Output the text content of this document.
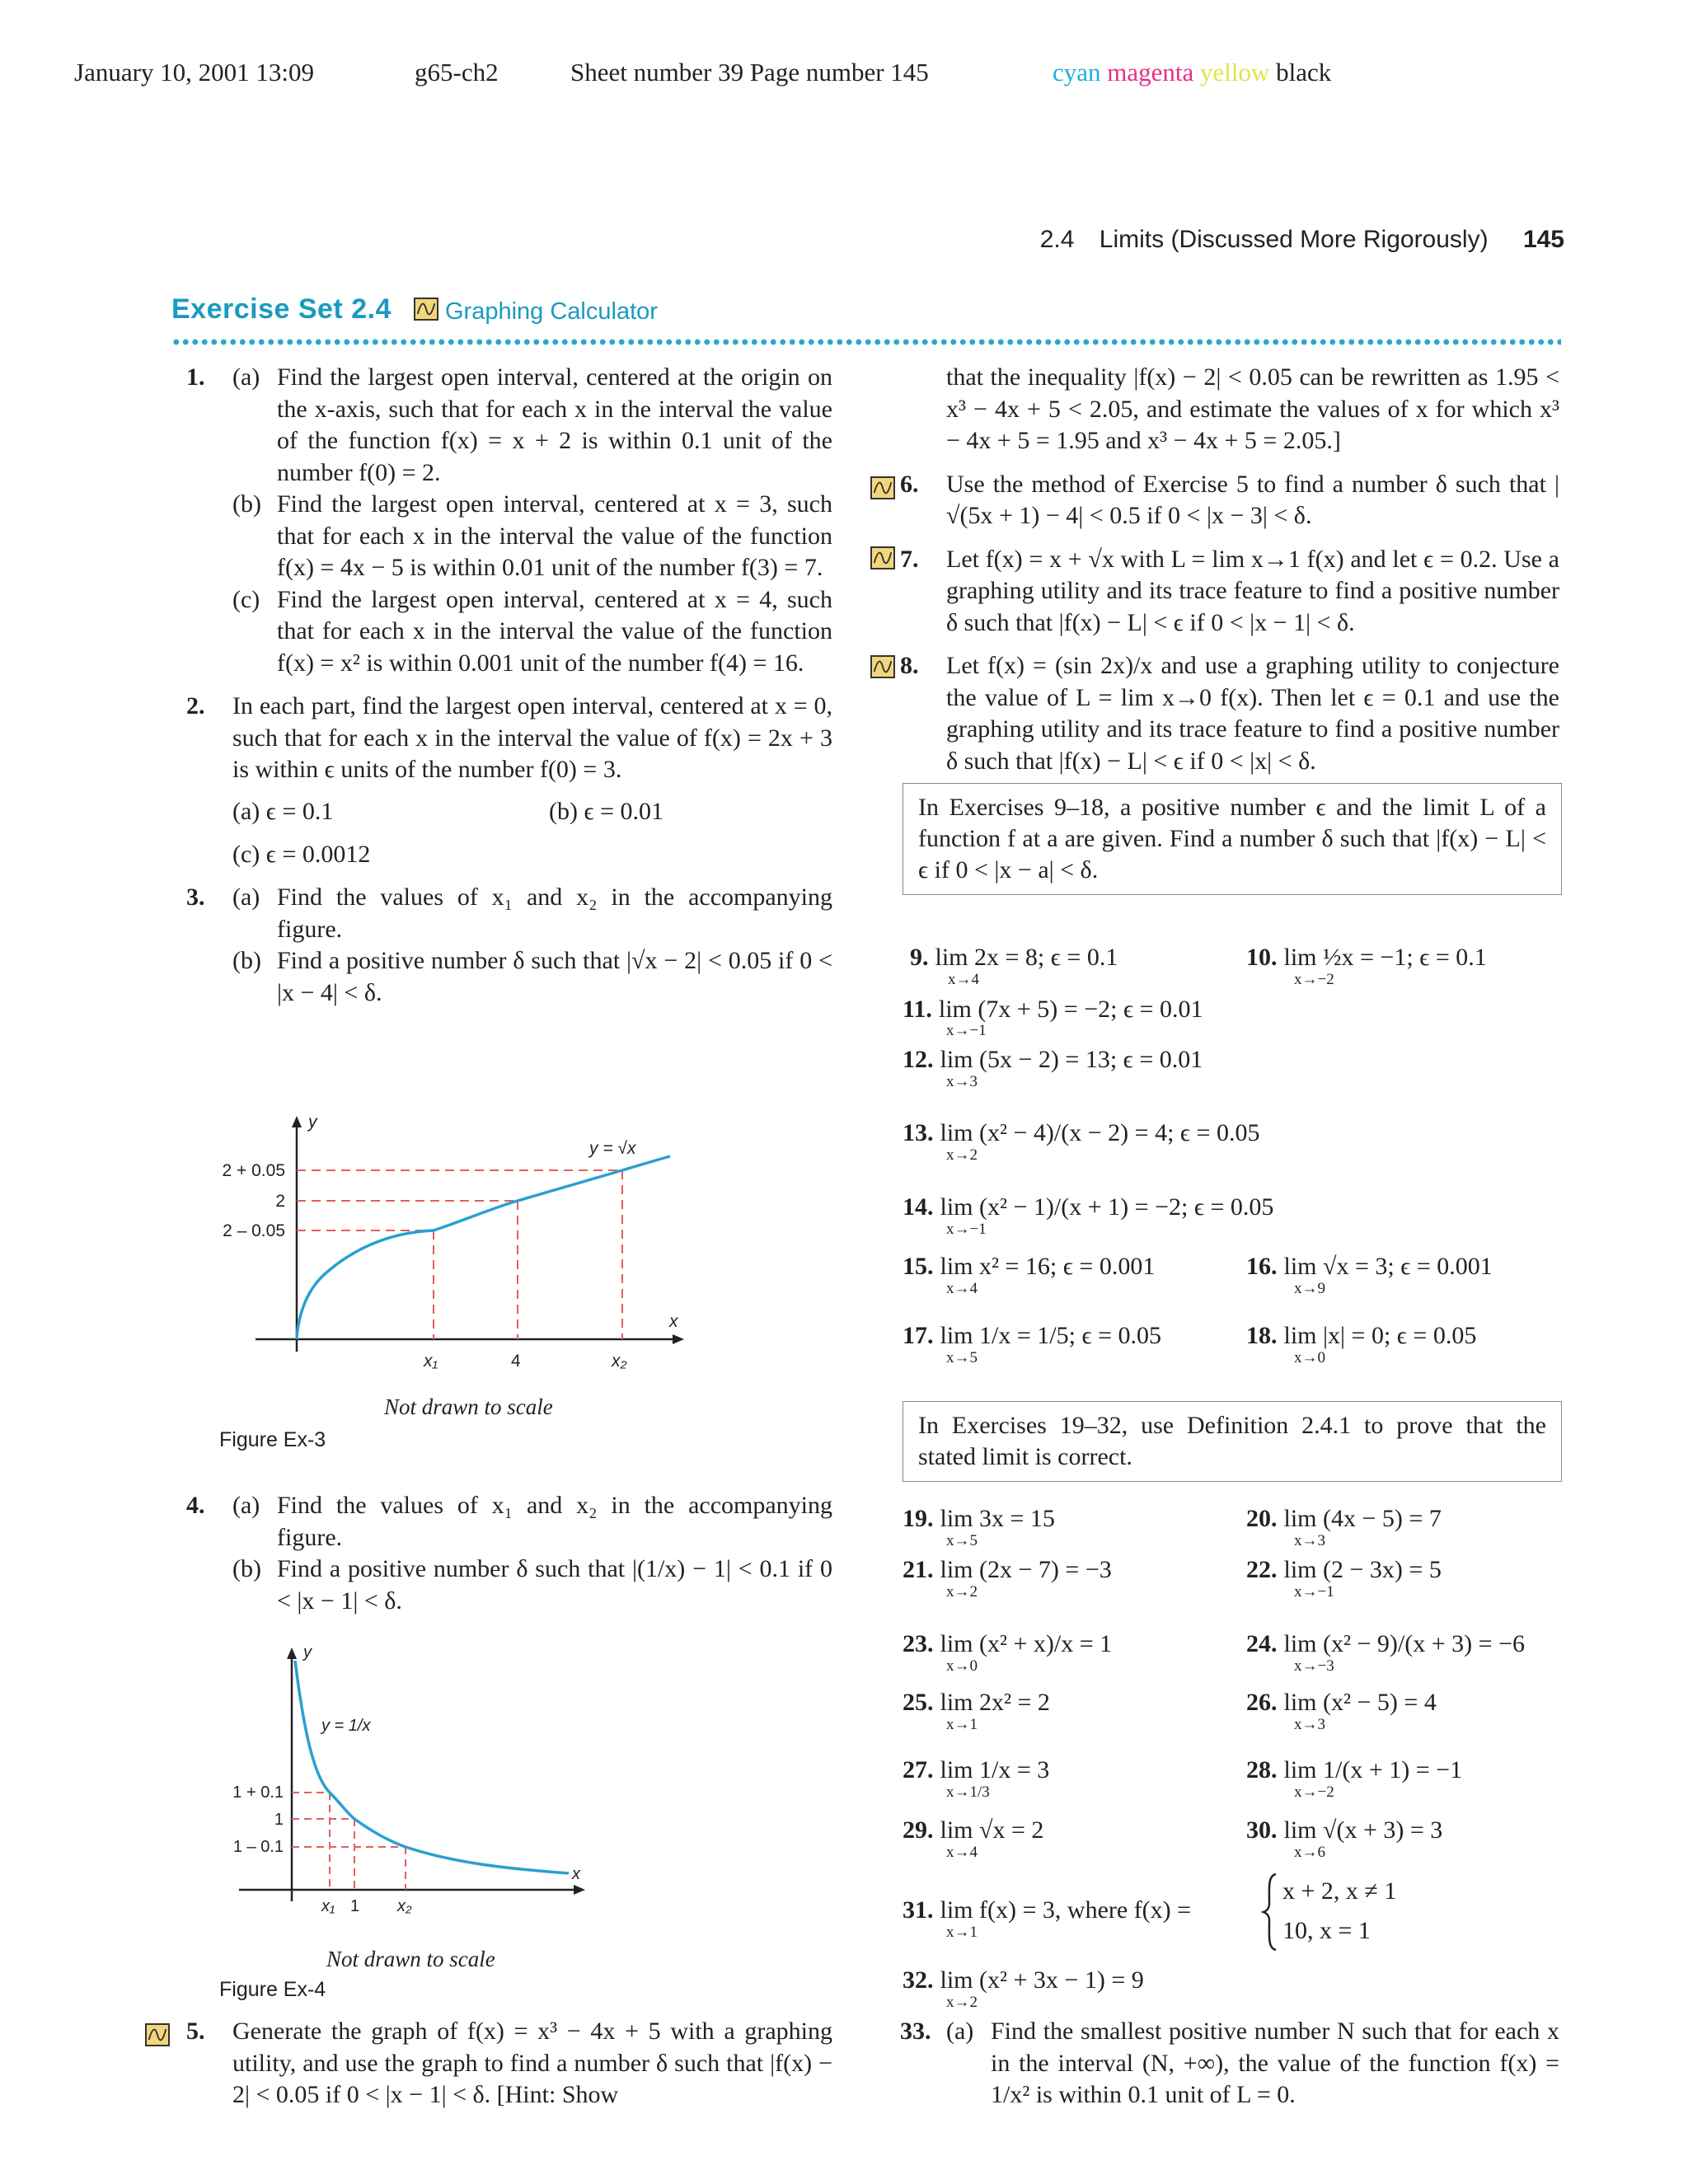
January 10, 2001 13:09	g65-ch2	Sheet number 39 Page number 145	cyan magenta yellow black
2.4 Limits (Discussed More Rigorously) 145
Exercise Set 2.4 Graphing Calculator
1. (a) Find the largest open interval, centered at the origin on the x-axis, such that for each x in the interval the value of the function f(x) = x + 2 is within 0.1 unit of the number f(0) = 2.
(b) Find the largest open interval, centered at x = 3, such that for each x in the interval the value of the function f(x) = 4x − 5 is within 0.01 unit of the number f(3) = 7.
(c) Find the largest open interval, centered at x = 4, such that for each x in the interval the value of the function f(x) = x² is within 0.001 unit of the number f(4) = 16.
2. In each part, find the largest open interval, centered at x = 0, such that for each x in the interval the value of f(x) = 2x + 3 is within ϵ units of the number f(0) = 3.
(a) ϵ = 0.1	(b) ϵ = 0.01
(c) ϵ = 0.0012
3. (a) Find the values of x₁ and x₂ in the accompanying figure.
(b) Find a positive number δ such that |√x − 2| < 0.05 if 0 < |x − 4| < δ.
y
x
y = √x
2 + 0.05
2
2 – 0.05
x₁	4	x₂
Not drawn to scale
Figure Ex-3
4. (a) Find the values of x₁ and x₂ in the accompanying figure.
(b) Find a positive number δ such that |(1/x) − 1| < 0.1 if 0 < |x − 1| < δ.
y
x
y = 1/x
1 + 0.1
1
1 – 0.1
x₁ 1 x₂
Not drawn to scale
Figure Ex-4
5. Generate the graph of f(x) = x³ − 4x + 5 with a graphing utility, and use the graph to find a number δ such that |f(x) − 2| < 0.05 if 0 < |x − 1| < δ. [Hint: Show
that the inequality |f(x) − 2| < 0.05 can be rewritten as 1.95 < x³ − 4x + 5 < 2.05, and estimate the values of x for which x³ − 4x + 5 = 1.95 and x³ − 4x + 5 = 2.05.]
6. Use the method of Exercise 5 to find a number δ such that |√(5x + 1) − 4| < 0.5 if 0 < |x − 3| < δ.
7. Let f(x) = x + √x with L = lim x→1 f(x) and let ϵ = 0.2. Use a graphing utility and its trace feature to find a positive number δ such that |f(x) − L| < ϵ if 0 < |x − 1| < δ.
8. Let f(x) = (sin 2x)/x and use a graphing utility to conjecture the value of L = lim x→0 f(x). Then let ϵ = 0.1 and use the graphing utility and its trace feature to find a positive number δ such that |f(x) − L| < ϵ if 0 < |x| < δ.
In Exercises 9–18, a positive number ϵ and the limit L of a function f at a are given. Find a number δ such that |f(x) − L| < ϵ if 0 < |x − a| < δ.
9. lim 2x = 8; ϵ = 0.1
x→4
10. lim ½x = −1; ϵ = 0.1
x→−2
11. lim (7x + 5) = −2; ϵ = 0.01
x→−1
12. lim (5x − 2) = 13; ϵ = 0.01
x→3
13. lim (x² − 4)/(x − 2) = 4; ϵ = 0.05
x→2
14. lim (x² − 1)/(x + 1) = −2; ϵ = 0.05
x→−1
15. lim x² = 16; ϵ = 0.001
x→4
16. lim √x = 3; ϵ = 0.001
x→9
17. lim 1/x = 1/5; ϵ = 0.05
x→5
18. lim |x| = 0; ϵ = 0.05
x→0
In Exercises 19–32, use Definition 2.4.1 to prove that the stated limit is correct.
19. lim 3x = 15
x→5
20. lim (4x − 5) = 7
x→3
21. lim (2x − 7) = −3
x→2
22. lim (2 − 3x) = 5
x→−1
23. lim (x² + x)/x = 1
x→0
24. lim (x² − 9)/(x + 3) = −6
x→−3
25. lim 2x² = 2
x→1
26. lim (x² − 5) = 4
x→3
27. lim 1/x = 3
x→1/3
28. lim 1/(x + 1) = −1
x→−2
29. lim √x = 2
x→4
30. lim √(x + 3) = 3
x→6
31. lim f(x) = 3, where f(x) =
x→1
x + 2, x ≠ 1
10, x = 1
32. lim (x² + 3x − 1) = 9
x→2
33. (a) Find the smallest positive number N such that for each x in the interval (N, +∞), the value of the function f(x) = 1/x² is within 0.1 unit of L = 0.
